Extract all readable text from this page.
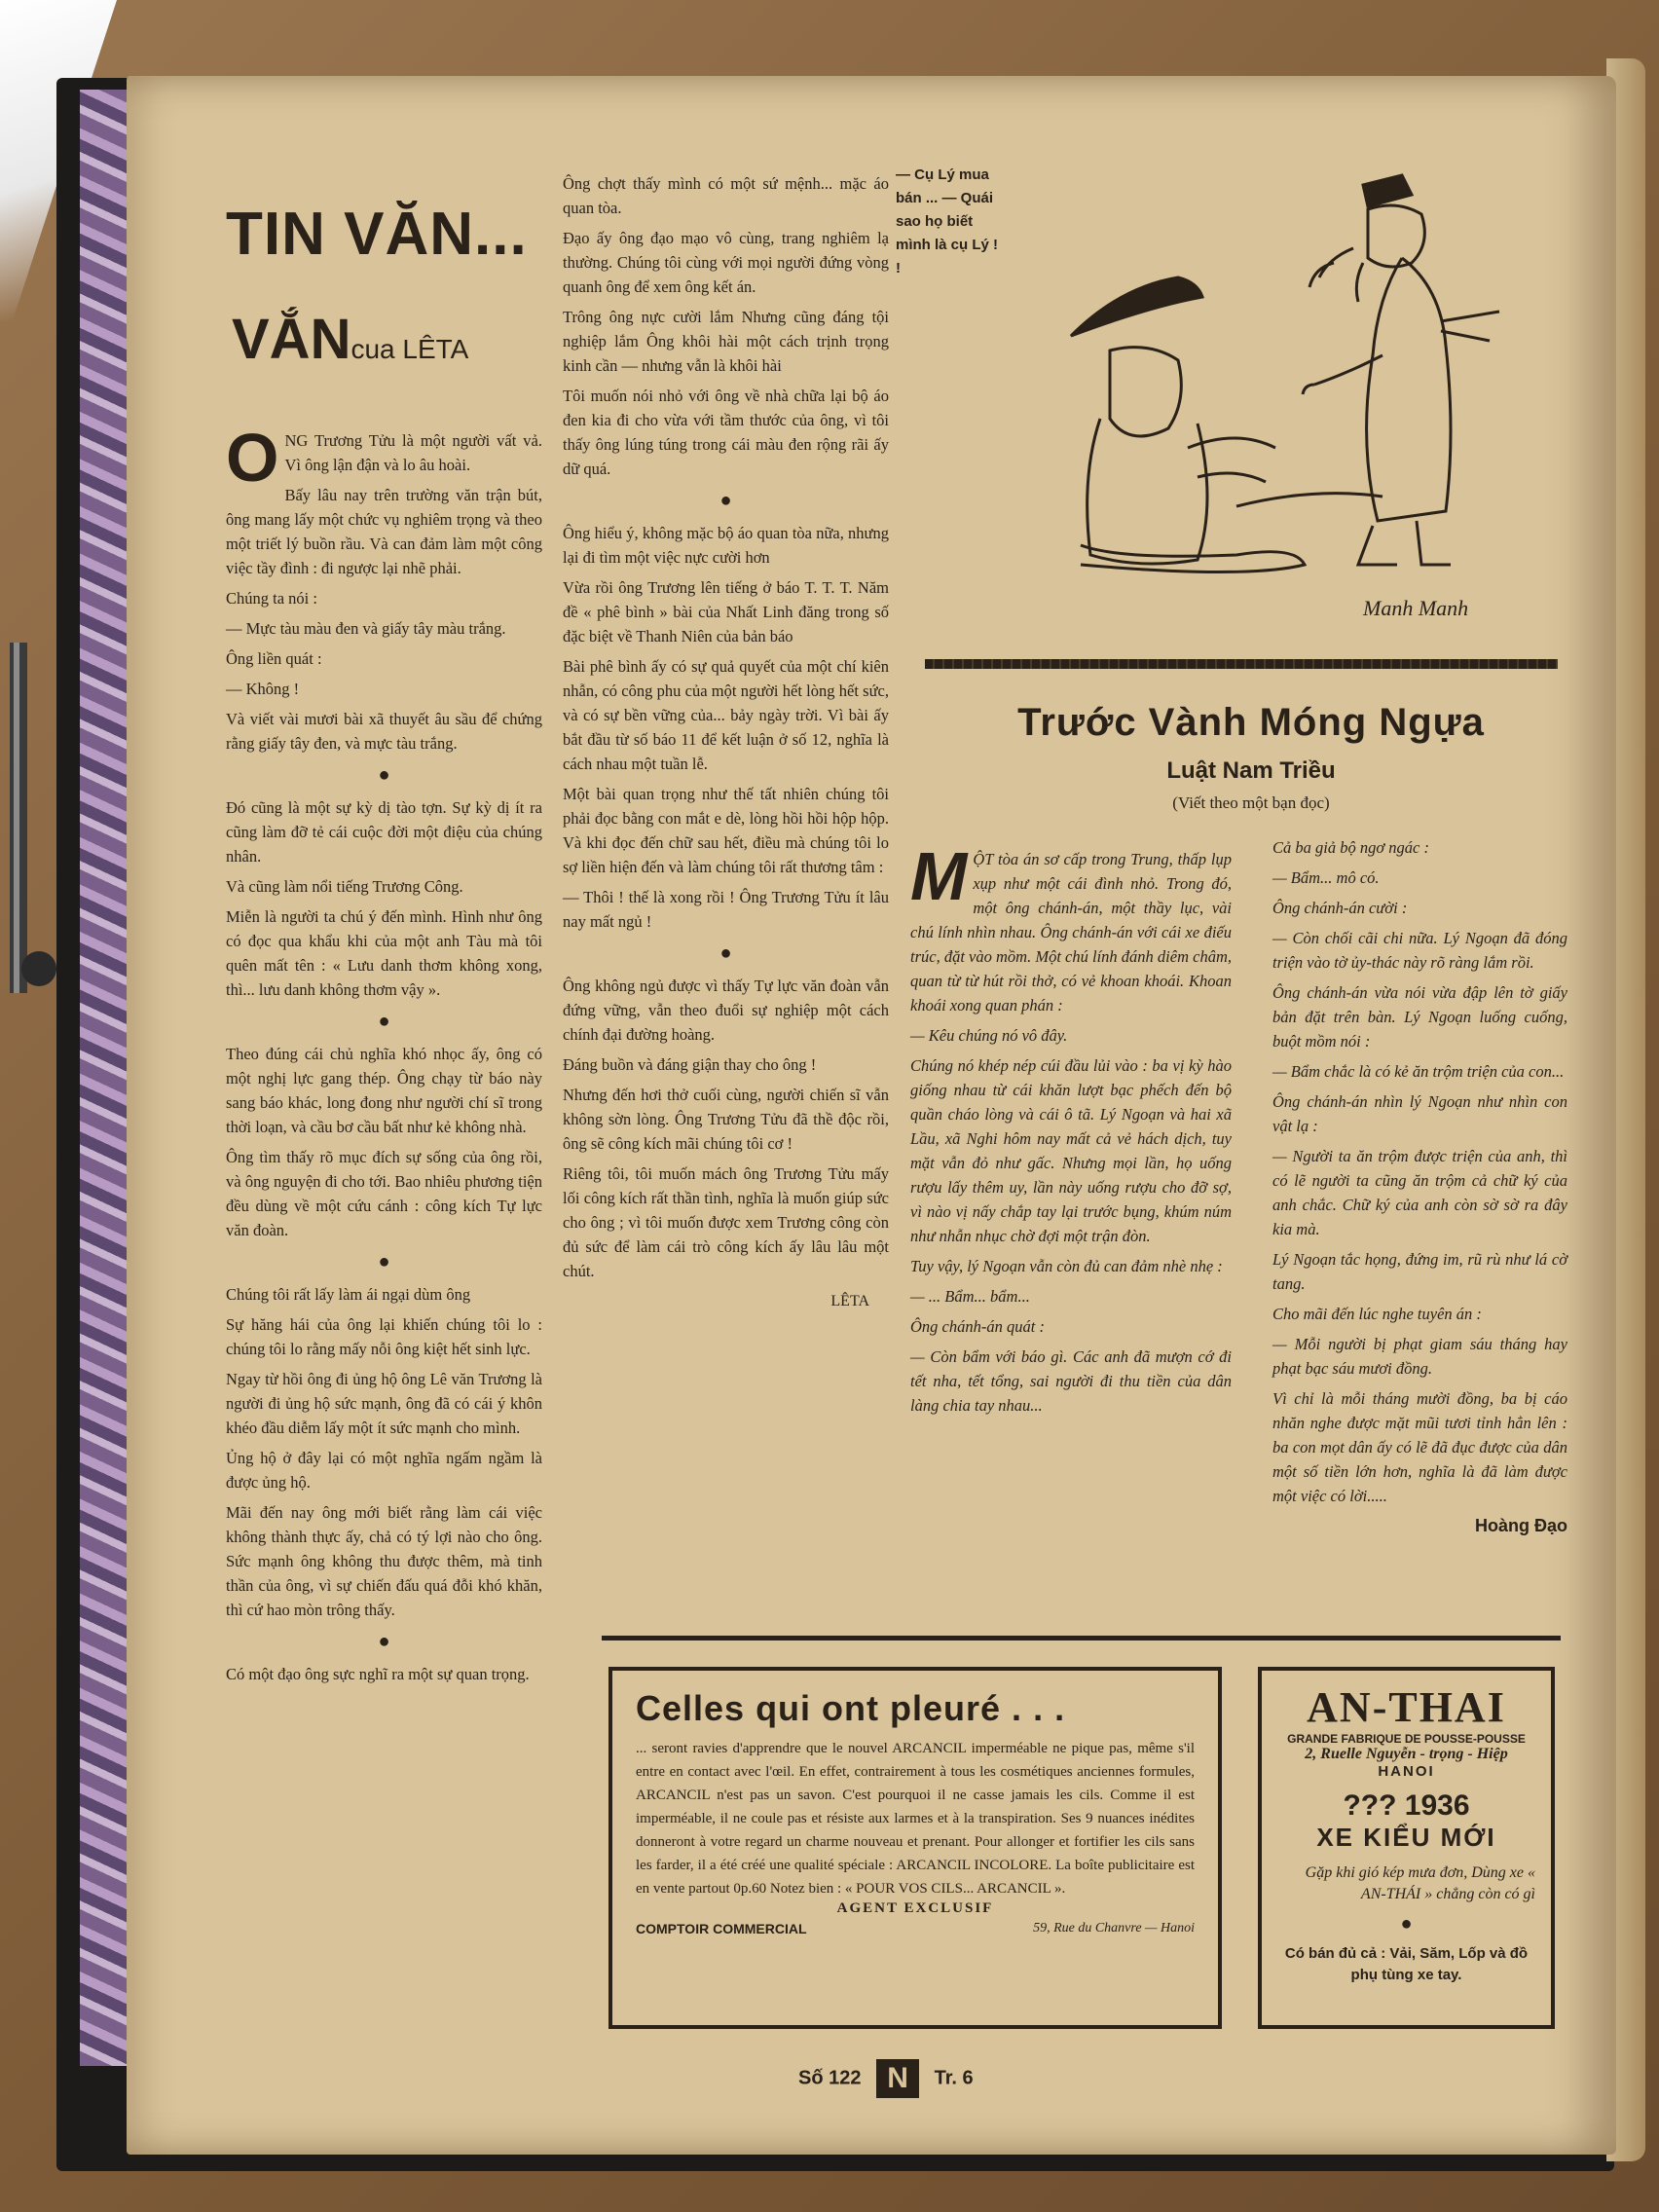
TIN VĂN...
VẮNcua LÊTA

ONG Trương Tửu là một người vất vả. Vì ông lận đận và lo âu hoài.

Bấy lâu nay trên trường văn trận bút, ông mang lấy một chức vụ nghiêm trọng và theo một triết lý buồn rầu. Và can đảm làm một công việc tầy đình : đi ngược lại nhẽ phải.

Chúng ta nói :

— Mực tàu màu đen và giấy tây màu trắng.

Ông liền quát :

— Không !

Và viết vài mươi bài xã thuyết âu sầu để chứng rằng giấy tây đen, và mực tàu trắng.

●

Đó cũng là một sự kỳ dị tào tợn. Sự kỳ dị ít ra cũng làm đỡ tẻ cái cuộc đời một điệu của chúng nhân.

Và cũng làm nổi tiếng Trương Công.

Miễn là người ta chú ý đến mình. Hình như ông có đọc qua khẩu khi của một anh Tàu mà tôi quên mất tên : « Lưu danh thơm không xong, thì... lưu danh không thơm vậy ».

●

Theo đúng cái chủ nghĩa khó nhọc ấy, ông có một nghị lực gang thép. Ông chạy từ báo này sang báo khác, long đong như người chí sĩ trong thời loạn, và cầu bơ cầu bất như kẻ không nhà.

Ông tìm thấy rõ mục đích sự sống của ông rồi, và ông nguyện đi cho tới. Bao nhiêu phương tiện đều dùng về một cứu cánh : công kích Tự lực văn đoàn.

●

Chúng tôi rất lấy làm ái ngại dùm ông

Sự hăng hái của ông lại khiến chúng tôi lo : chúng tôi lo rằng mấy nỗi ông kiệt hết sinh lực.

Ngay từ hồi ông đi ủng hộ ông Lê văn Trương là người đi ủng hộ sức mạnh, ông đã có cái ý khôn khéo đầu diễm lấy một ít sức mạnh cho mình.

Ủng hộ ở đây lại có một nghĩa ngấm ngầm là được ủng hộ.

Mãi đến nay ông mới biết rằng làm cái việc không thành thực ấy, chả có tý lợi nào cho ông. Sức mạnh ông không thu được thêm, mà tinh thần của ông, vì sự chiến đấu quá đỗi khó khăn, thì cứ hao mòn trông thấy.

●

Có một đạo ông sực nghĩ ra một sự quan trọng.

Ông chợt thấy mình có một sứ mệnh... mặc áo quan tòa.

Đạo ấy ông đạo mạo vô cùng, trang nghiêm lạ thường. Chúng tôi cùng với mọi người đứng vòng quanh ông để xem ông kết án.

Trông ông nực cười lắm Nhưng cũng đáng tội nghiệp lắm Ông khôi hài một cách trịnh trọng kinh cần — nhưng vẫn là khôi hài

Tôi muốn nói nhỏ với ông về nhà chữa lại bộ áo đen kia đi cho vừa với tầm thước của ông, vì tôi thấy ông lúng túng trong cái màu đen rộng rãi ấy dữ quá.

●

Ông hiểu ý, không mặc bộ áo quan tòa nữa, nhưng lại đi tìm một việc nực cười hơn

Vừa rồi ông Trương lên tiếng ở báo T. T. T. Năm đề « phê bình » bài của Nhất Linh đăng trong số đặc biệt về Thanh Niên của bản báo

Bài phê bình ấy có sự quả quyết của một chí kiên nhẫn, có công phu của một người hết lòng hết sức, và có sự bền vững của... bảy ngày trời. Vì bài ấy bắt đầu từ số báo 11 để kết luận ở số 12, nghĩa là cách nhau một tuần lễ.

Một bài quan trọng như thế tất nhiên chúng tôi phải đọc bằng con mắt e dè, lòng hồi hồi hộp hộp. Và khi đọc đến chữ sau hết, điều mà chúng tôi lo sợ liền hiện đến và làm chúng tôi rất thương tâm :

— Thôi ! thế là xong rồi ! Ông Trương Tửu ít lâu nay mất ngủ !

●

Ông không ngủ được vì thấy Tự lực văn đoàn vẫn đứng vững, vẫn theo đuổi sự nghiệp một cách chính đại đường hoàng.

Đáng buồn và đáng giận thay cho ông !

Nhưng đến hơi thở cuối cùng, người chiến sĩ vẫn không sờn lòng. Ông Trương Tửu đã thề độc rồi, ông sẽ công kích mãi chúng tôi cơ !

Riêng tôi, tôi muốn mách ông Trương Tửu mấy lối công kích rất thần tình, nghĩa là muốn giúp sức cho ông ; vì tôi muốn được xem Trương công còn đủ sức để làm cái trò công kích ấy lâu lâu một chút.

LÊTA
— Cụ Lý mua bán ... — Quái sao họ biết mình là cụ Lý ! !
Manh Manh
Trước Vành Móng Ngựa
Luật Nam Triều
(Viết theo một bạn đọc)

MỘT tòa án sơ cấp trong Trung, thấp lụp xụp như một cái đình nhỏ. Trong đó, một ông chánh-án, một thầy lục, vài chú lính nhìn nhau. Ông chánh-án với cái xe điếu trúc, đặt vào mồm. Một chú lính đánh diêm châm, quan từ từ hút rồi thở, có vẻ khoan khoái. Khoan khoái xong quan phán :

— Kêu chúng nó vô đây.

Chúng nó khép nép cúi đầu lủi vào : ba vị kỳ hào giống nhau từ cái khăn lượt bạc phếch đến bộ quần cháo lòng và cái ô tã. Lý Ngoạn và hai xã Lầu, xã Nghi hôm nay mất cả vẻ hách dịch, tuy mặt vẫn đỏ như gấc. Nhưng mọi lần, họ uống rượu lấy thêm uy, lần này uống rượu cho đỡ sợ, vì nào vị nấy chắp tay lại trước bụng, khúm núm như nhẫn nhục chờ đợi một trận đòn.

Tuy vậy, lý Ngoạn vẫn còn đủ can đảm nhè nhẹ :

— ... Bẩm... bẩm...

Ông chánh-án quát :

— Còn bẩm với báo gì. Các anh đã mượn cớ đi tết nha, tết tổng, sai người đi thu tiền của dân làng chia tay nhau...

Cả ba giả bộ ngơ ngác :

— Bẩm... mô có.

Ông chánh-án cười :

— Còn chối cãi chi nữa. Lý Ngoạn đã đóng triện vào tờ ủy-thác này rõ ràng lắm rồi.

Ông chánh-án vừa nói vừa đập lên tờ giấy bản đặt trên bàn. Lý Ngoạn luống cuống, buột mồm nói :

— Bẩm chắc là có kẻ ăn trộm triện của con...

Ông chánh-án nhìn lý Ngoạn như nhìn con vật lạ :

— Người ta ăn trộm được triện của anh, thì có lẽ người ta cũng ăn trộm cả chữ ký của anh chắc. Chữ ký của anh còn sờ sờ ra đây kia mà.

Lý Ngoạn tắc họng, đứng im, rũ rù như lá cờ tang.

Cho mãi đến lúc nghe tuyên án :

— Mỗi người bị phạt giam sáu tháng hay phạt bạc sáu mươi đồng.

Vì chỉ là mỗi tháng mười đồng, ba bị cáo nhăn nghe được mặt mũi tươi tỉnh hẳn lên : ba con mọt dân ấy có lẽ đã đục được của dân một số tiền lớn hơn, nghĩa là đã làm được một việc có lời.....

Hoàng Đạo
Celles qui ont pleuré . . .
... seront ravies d'apprendre que le nouvel ARCANCIL imperméable ne pique pas, même s'il entre en contact avec l'œil. En effet, contrairement à tous les cosmétiques anciennes formules, ARCANCIL n'est pas un savon. C'est pourquoi il ne casse jamais les cils. Comme il est imperméable, il ne coule pas et résiste aux larmes et à la transpiration. Ses 9 nuances inédites donneront à votre regard un charme nouveau et prenant. Pour allonger et fortifier les cils sans les farder, il a été créé une qualité spéciale : ARCANCIL INCOLORE. La boîte publicitaire est en vente partout 0p.60 Notez bien : « POUR VOS CILS... ARCANCIL ».
AGENT EXCLUSIF
COMPTOIR COMMERCIAL	59, Rue du Chanvre — Hanoi
AN-THAI
GRANDE FABRIQUE DE POUSSE-POUSSE
2, Ruelle Nguyễn - trọng - Hiệp
HANOI
??? 1936
XE KIỂU MỚI
Gặp khi gió kép mưa đơn, Dùng xe « AN-THÁI » chẳng còn có gì
●
Có bán đủ cả : Vải, Săm, Lốp và đồ phụ tùng xe tay.
Số 122 N Tr. 6
